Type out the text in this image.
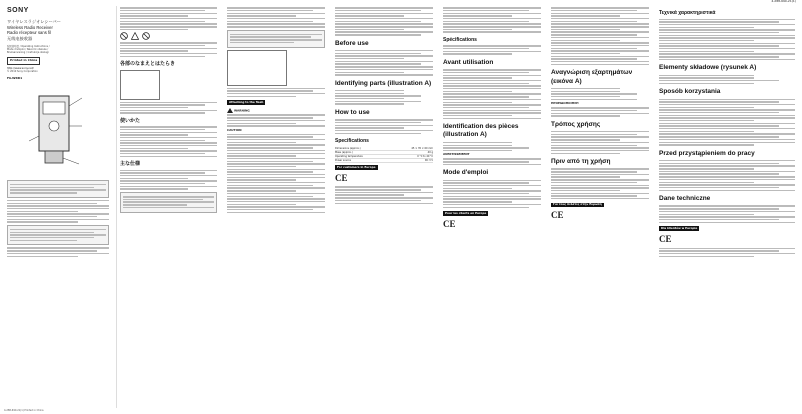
SONY
ワイヤレスラジオレシーバー
Wireless Radio Receiver
Radio récepteur sans fil
无线电接收器
取扱説明書 / Operating Instructions /
Mode d'emploi / Návod k obsluze /
Bruksanvisning / Instrukcja obsługi
Printed in China
http://www.sony.net/
© 2010 Sony Corporation
FA-WRR1
各部のなまえとはたらき
使いかた
主な仕様
Attaching to the flash
WARNING
CAUTION
Before use
Identifying parts (illustration A)
How to use
Specifications
Dimensions (approx.)	45 × 35 × 60 mm
Mass (approx.)	40 g
Operating temperature	0 °C to 40 °C
Power source	DC 3 V
For customers in Europe
CE
Spécifications
Avant utilisation
Identification des pièces (illustration A)
AVERTISSEMENT
Mode d'emploi
Pour les clients en Europe
CE
Αναγνώριση εξαρτημάτων (εικόνα A)
ΠΡΟΕΙΔΟΠΟΙΗΣΗ
Τρόπος χρήσης
Πριν από τη χρήση
Για τους πελάτες στην Ευρώπη
CE
Τεχνικά χαρακτηριστικά
Elementy składowe (rysunek A)
Sposób korzystania
Przed przystąpieniem do pracy
Dane techniczne
Dla klientów w Europie
CE
4-288-690-21(1)
4-288-690-21(1) Printed in China
